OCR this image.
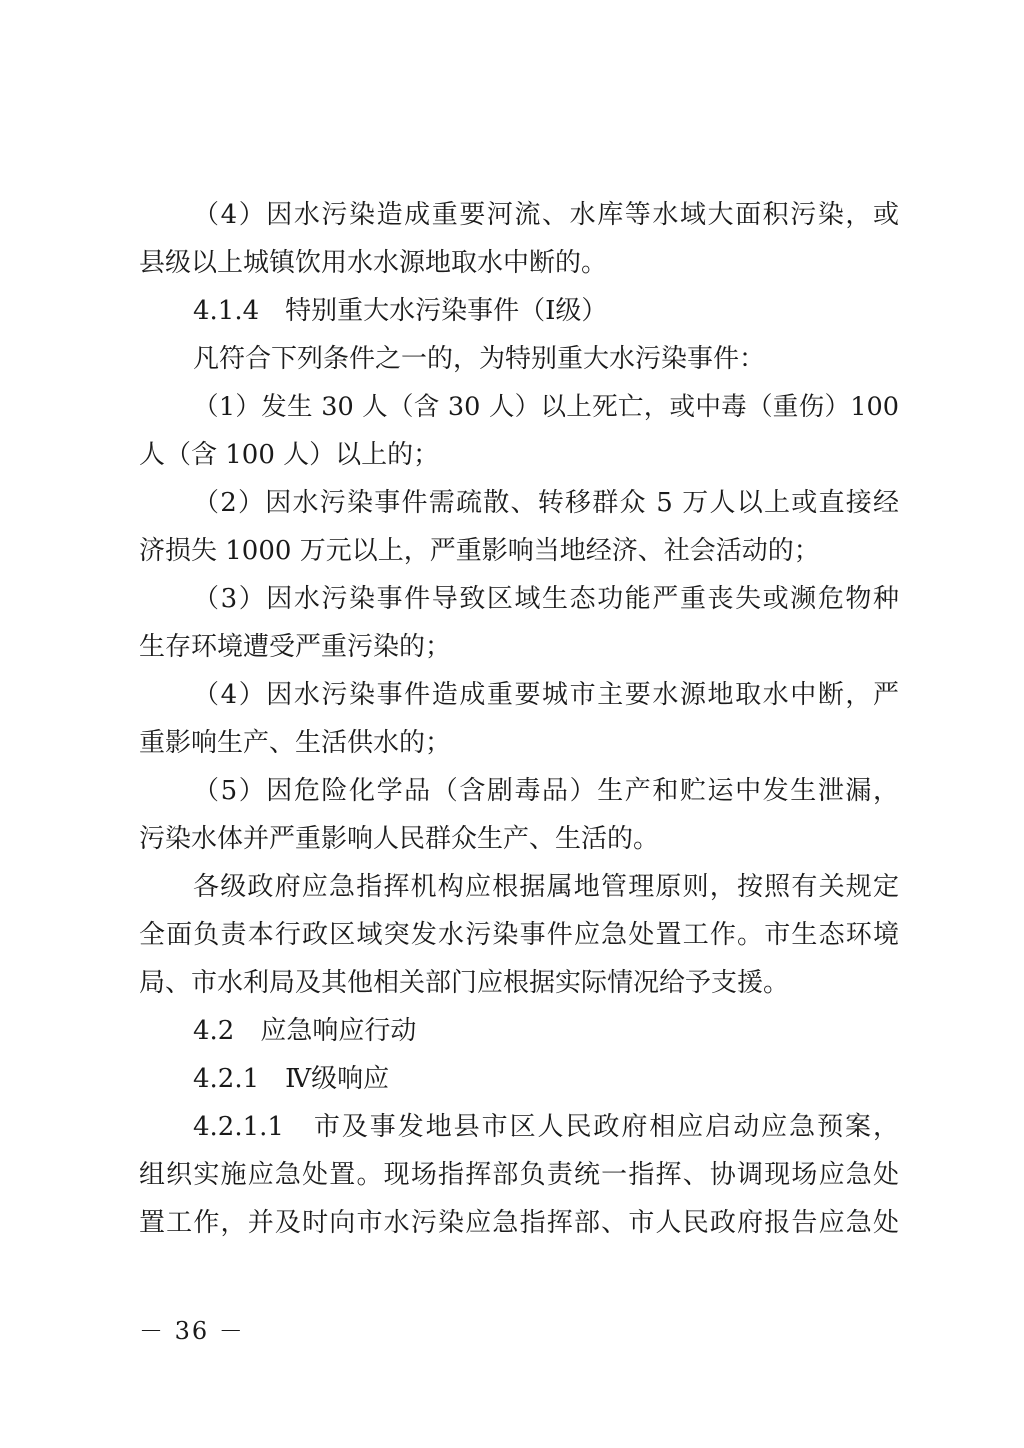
（4）因水污染造成重要河流、水库等水域大面积污染，或
县级以上城镇饮用水水源地取水中断的。
4.1.4　特别重大水污染事件（Ⅰ级）
凡符合下列条件之一的，为特别重大水污染事件：
（1）发生 30 人（含 30 人）以上死亡，或中毒（重伤）100
人（含 100 人）以上的；
（2）因水污染事件需疏散、转移群众 5 万人以上或直接经
济损失 1000 万元以上，严重影响当地经济、社会活动的；
（3）因水污染事件导致区域生态功能严重丧失或濒危物种
生存环境遭受严重污染的；
（4）因水污染事件造成重要城市主要水源地取水中断，严
重影响生产、生活供水的；
（5）因危险化学品（含剧毒品）生产和贮运中发生泄漏，
污染水体并严重影响人民群众生产、生活的。
各级政府应急指挥机构应根据属地管理原则，按照有关规定
全面负责本行政区域突发水污染事件应急处置工作。市生态环境
局、市水利局及其他相关部门应根据实际情况给予支援。
4.2　应急响应行动
4.2.1　Ⅳ级响应
4.2.1.1　市及事发地县市区人民政府相应启动应急预案，
组织实施应急处置。现场指挥部负责统一指挥、协调现场应急处
置工作，并及时向市水污染应急指挥部、市人民政府报告应急处
－ 36 －
